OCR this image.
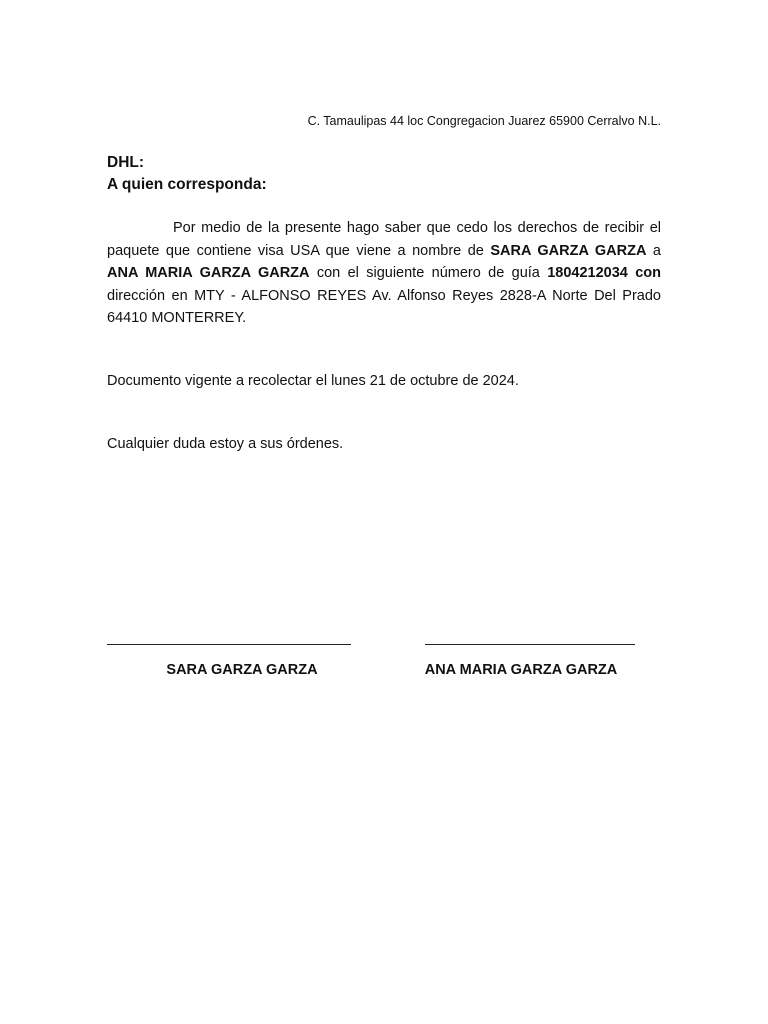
C. Tamaulipas 44 loc Congregacion Juarez 65900 Cerralvo N.L.
DHL:
A quien corresponda:

Por medio de la presente hago saber que cedo los derechos de recibir el paquete que contiene visa USA que viene a nombre de SARA GARZA GARZA a ANA MARIA GARZA GARZA con el siguiente número de guía 1804212034 con dirección en MTY - ALFONSO REYES Av. Alfonso Reyes 2828-A Norte Del Prado 64410 MONTERREY.

Documento vigente a recolectar el lunes 21 de octubre de 2024.

Cualquier duda estoy a sus órdenes.

SARA GARZA GARZA	ANA MARIA GARZA GARZA
